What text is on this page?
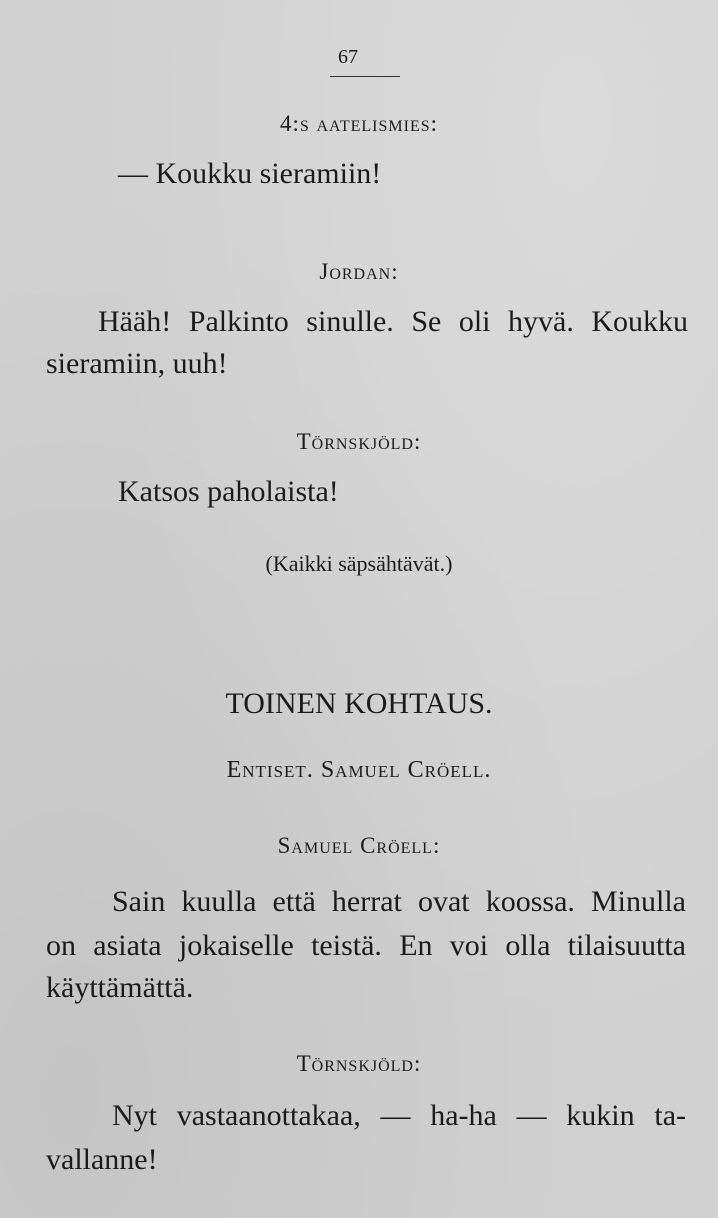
67
4:s aatelismies:
— Koukku sieramiin!
Jordan:
Hääh! Palkinto sinulle. Se oli hyvä. Koukku
sieramiin, uuh!
Törnskjöld:
Katsos paholaista!
(Kaikki säpsähtävät.)
TOINEN KOHTAUS.
Entiset. Samuel Cröell.
Samuel Cröell:
Sain kuulla että herrat ovat koossa. Minulla
on asiata jokaiselle teistä. En voi olla tilaisuutta
käyttämättä.
Törnskjöld:
Nyt vastaanottakaa, — ha-ha — kukin ta-
vallanne!
